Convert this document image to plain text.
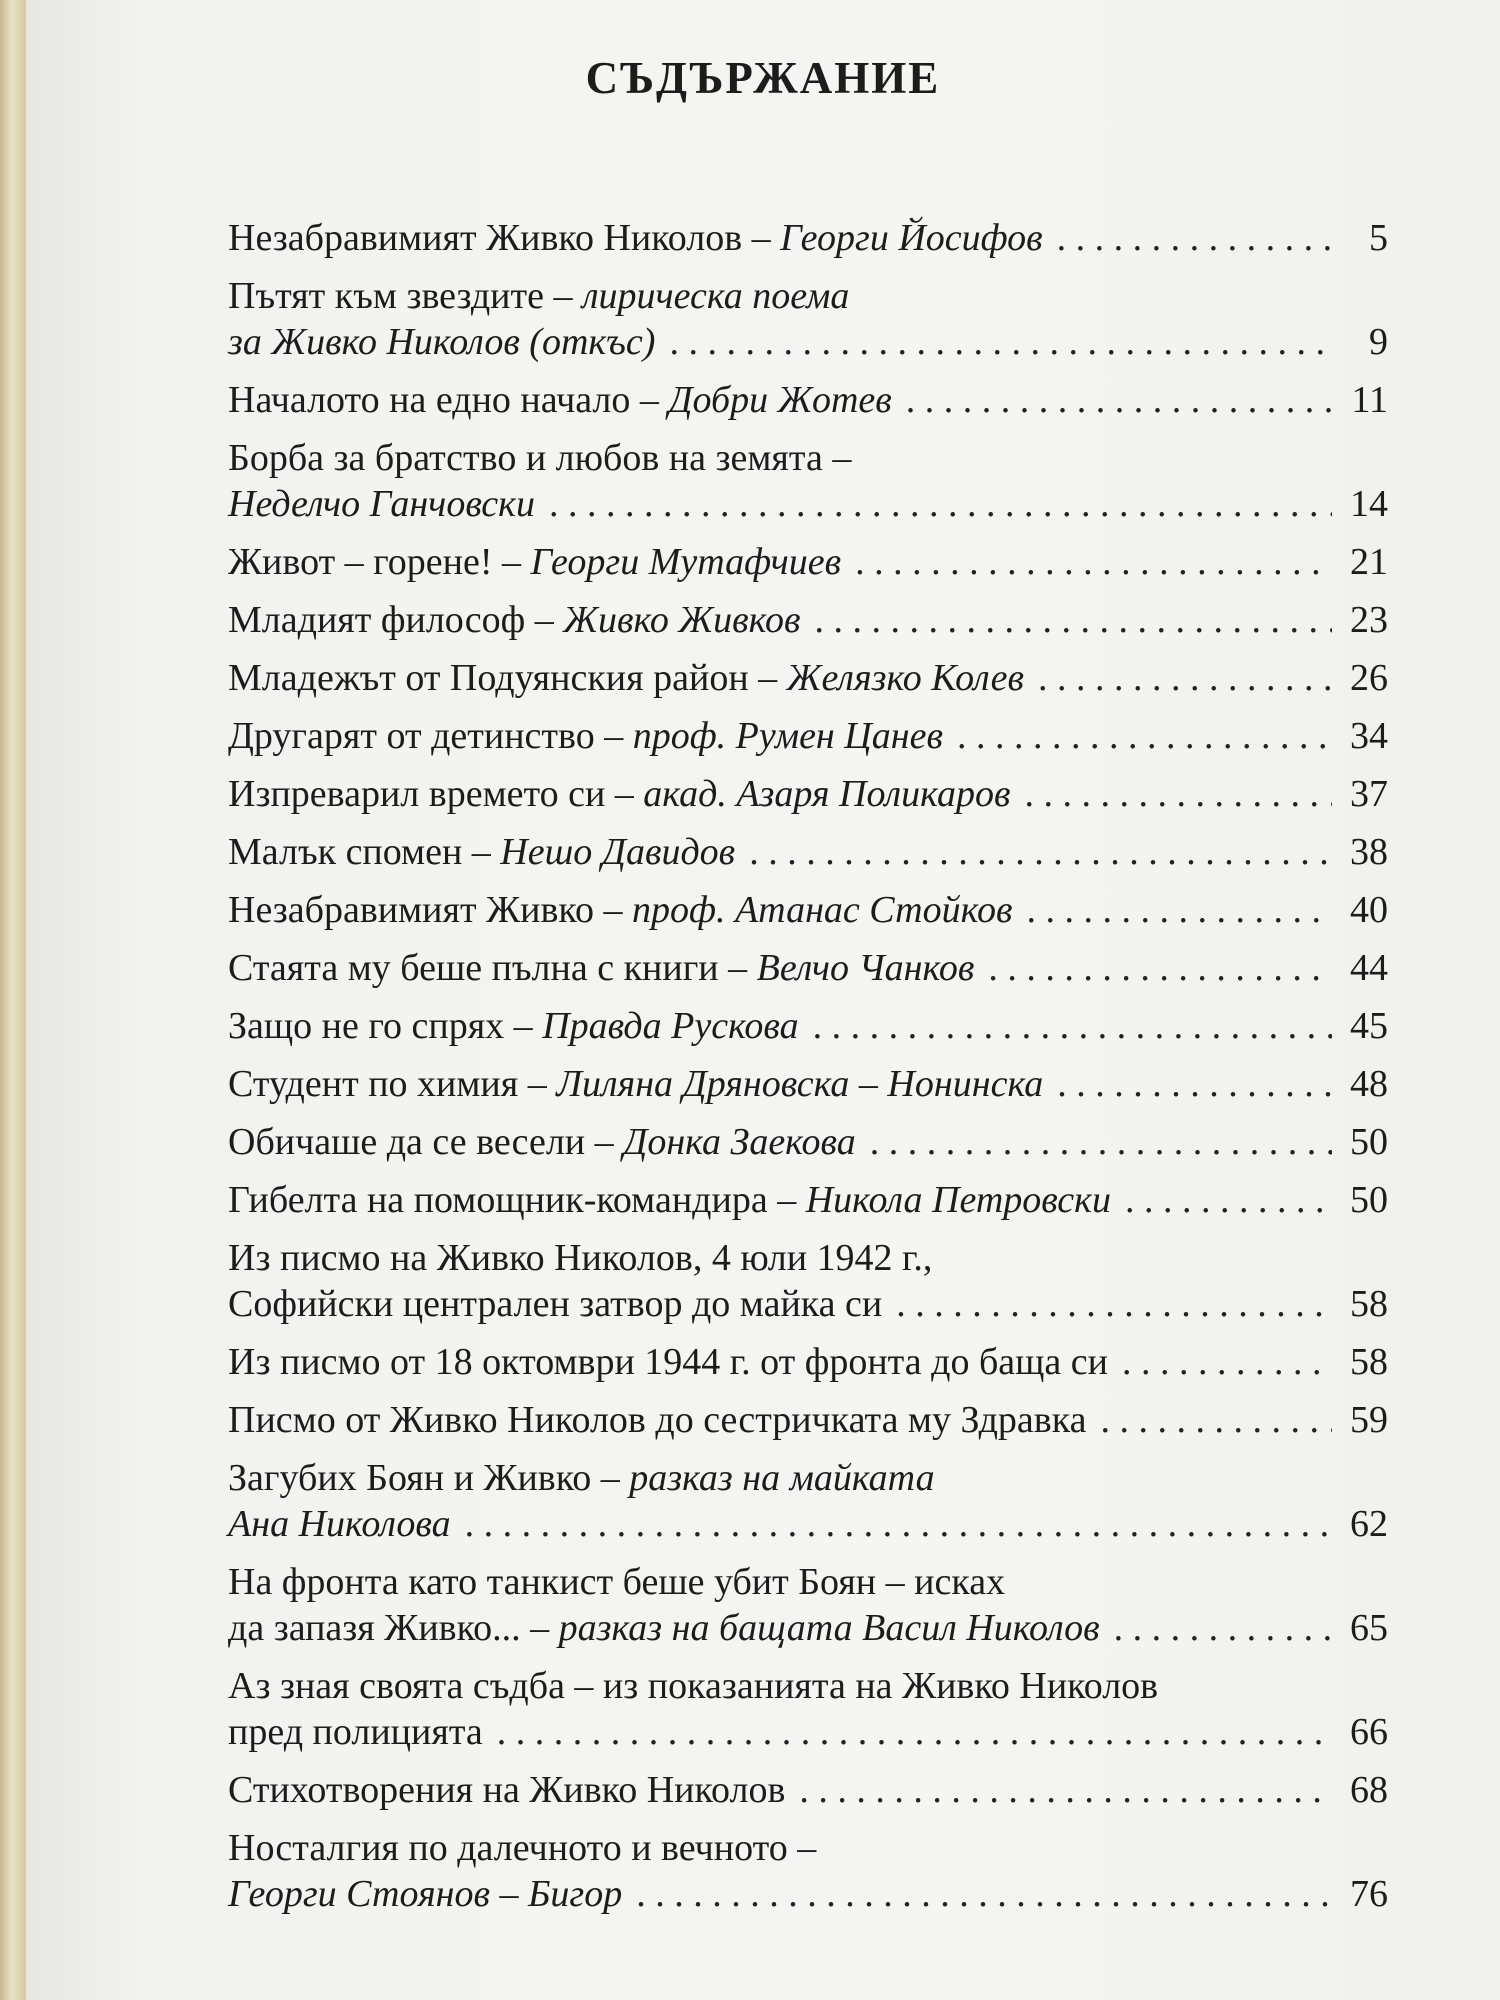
СЪДЪРЖАНИЕ
Незабравимият Живко Николов – Георги Йосифов . . .	5
Пътят към звездите – лирическа поема
за Живко Николов (откъс) . . .	9
Началото на едно начало – Добри Жотев . . .	11
Борба за братство и любов на земята –
Неделчо Ганчовски . . .	14
Живот – горене! – Георги Мутафчиев . . .	21
Младият философ – Живко Живков . . .	23
Младежът от Подуянския район – Желязко Колев . . .	26
Другарят от детинство – проф. Румен Цанев . . .	34
Изпреварил времето си – акад. Азаря Поликаров . . .	37
Малък спомен – Нешо Давидов . . .	38
Незабравимият Живко – проф. Атанас Стойков . . .	40
Стаята му беше пълна с книги – Велчо Чанков . . .	44
Защо не го спрях – Правда Рускова . . .	45
Студент по химия – Лиляна Дряновска – Нонинска . . .	48
Обичаше да се весели – Донка Заекова . . .	50
Гибелта на помощник-командира – Никола Петровски . . .	50
Из писмо на Живко Николов, 4 юли 1942 г.,
Софийски централен затвор до майка си . . .	58
Из писмо от 18 октомври 1944 г. от фронта до баща си . . .	58
Писмо от Живко Николов до сестричката му Здравка . . .	59
Загубих Боян и Живко – разказ на майката
Ана Николова . . .	62
На фронта като танкист беше убит Боян – исках
да запазя Живко... – разказ на бащата Васил Николов . . .	65
Аз зная своята съдба – из показанията на Живко Николов
пред полицията . . .	66
Стихотворения на Живко Николов . . .	68
Носталгия по далечното и вечното –
Георги Стоянов – Бигор . . .	76
